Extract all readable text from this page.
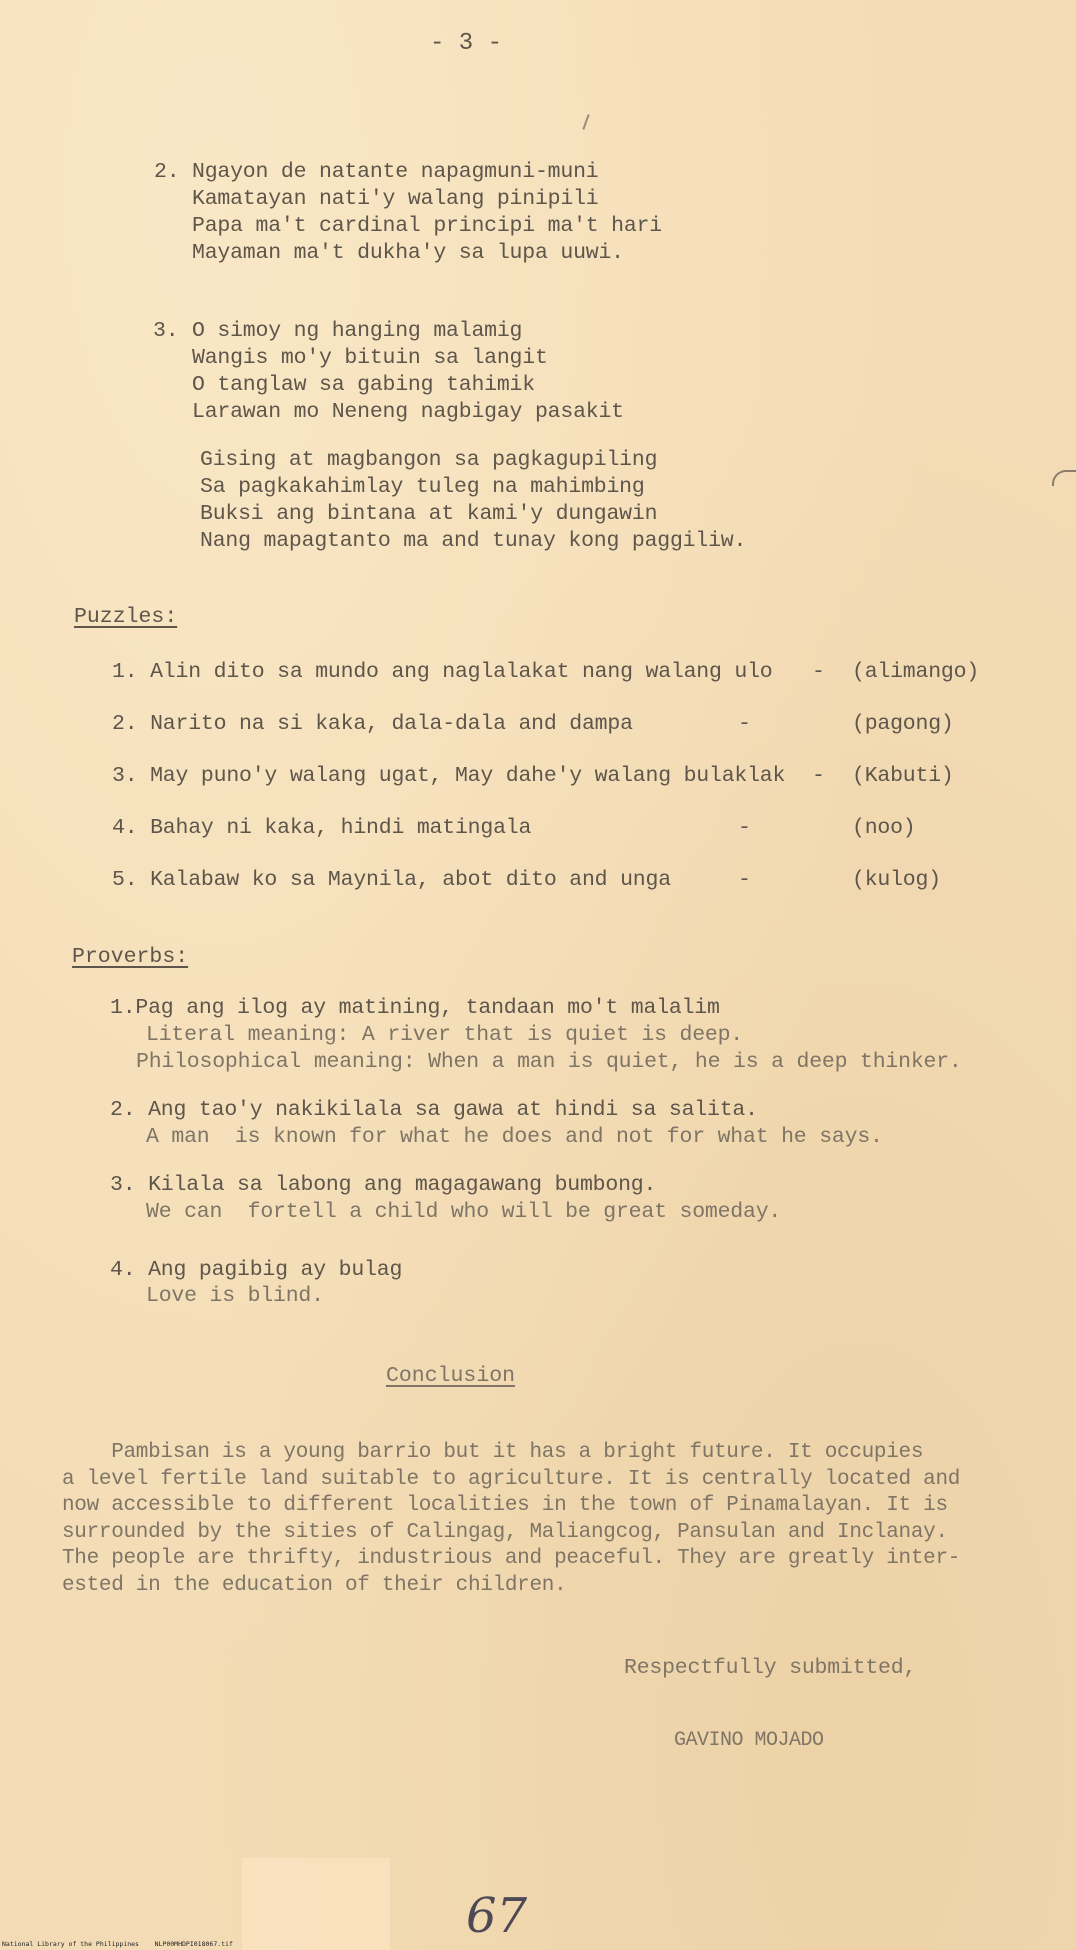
- 3 -
2. Ngayon de natante napagmuni-muni
Kamatayan nati'y walang pinipili
Papa ma't cardinal principi ma't hari
Mayaman ma't dukha'y sa lupa uuwi.
3. O simoy ng hanging malamig
Wangis mo'y bituin sa langit
O tanglaw sa gabing tahimik
Larawan mo Neneng nagbigay pasakit
Gising at magbangon sa pagkagupiling
Sa pagkakahimlay tuleg na mahimbing
Buksi ang bintana at kami'y dungawin
Nang mapagtanto ma and tunay kong paggiliw.
Puzzles:
1. Alin dito sa mundo ang naglalakat nang walang ulo - (alimango)
2. Narito na si kaka, dala-dala and dampa	-	(pagong)
3. May puno'y walang ugat, May dahe'y walang bulaklak - (Kabuti)
4. Bahay ni kaka, hindi matingala	-	(noo)
5. Kalabaw ko sa Maynila, abot dito and unga	-	(kulog)
Proverbs:
1.Pag ang ilog ay matining, tandaan mo't malalim
Literal meaning: A river that is quiet is deep.
Philosophical meaning: When a man is quiet, he is a deep thinker.
2. Ang tao'y nakikilala sa gawa at hindi sa salita.
A man  is known for what he does and not for what he says.
3. Kilala sa labong ang magagawang bumbong.
We can  fortell a child who will be great someday.
4. Ang pagibig ay bulag
Love is blind.
Conclusion
Pambisan is a young barrio but it has a bright future. It occupies
a level fertile land suitable to agriculture. It is centrally located and
now accessible to different localities in the town of Pinamalayan. It is
surrounded by the sities of Calingag, Maliangcog, Pansulan and Inclanay.
The people are thrifty, industrious and peaceful. They are greatly inter-
ested in the education of their children.
Respectfully submitted,
GAVINO MOJADO
67
National Library of the Philippines    NLP00MHDPI018067.tif
